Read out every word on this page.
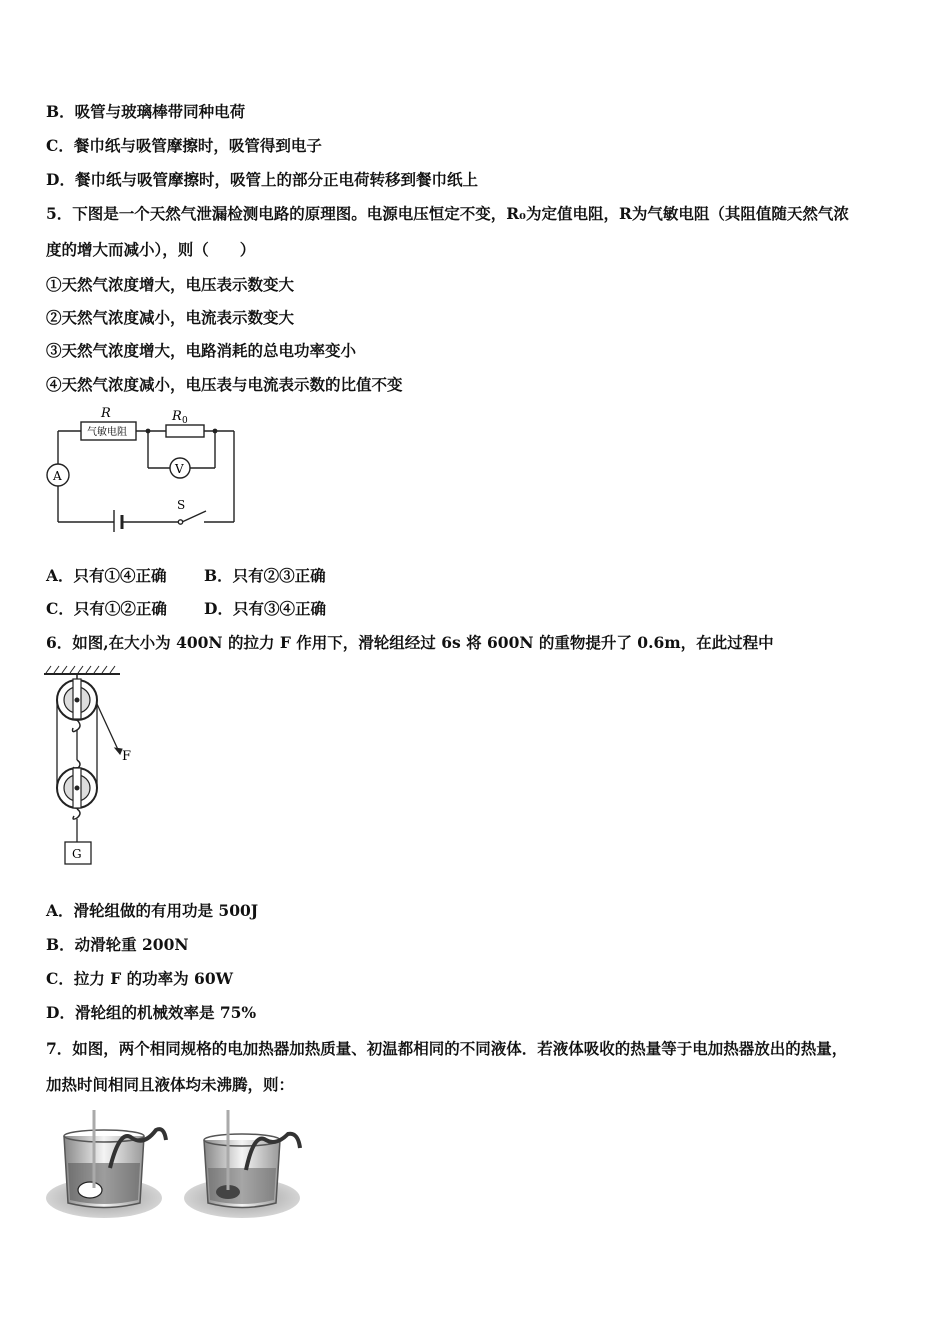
B．吸管与玻璃棒带同种电荷
C．餐巾纸与吸管摩擦时，吸管得到电子
D．餐巾纸与吸管摩擦时，吸管上的部分正电荷转移到餐巾纸上
5．下图是一个天然气泄漏检测电路的原理图。电源电压恒定不变，R₀为定值电阻，R为气敏电阻（其阻值随天然气浓
度的增大而减小），则（　　）
①天然气浓度增大，电压表示数变大
②天然气浓度减小，电流表示数变大
③天然气浓度增大，电路消耗的总电功率变小
④天然气浓度减小，电压表与电流表示数的比值不变
R
气敏电阻
R 0
A	V
S
A．只有①④正确 B．只有②③正确
C．只有①②正确 D．只有③④正确
6．如图,在大小为 400N 的拉力 F 作用下，滑轮组经过 6s 将 600N 的重物提升了 0.6m，在此过程中
F
G
A．滑轮组做的有用功是 500J
B．动滑轮重 200N
C．拉力 F 的功率为 60W
D．滑轮组的机械效率是 75%
7．如图，两个相同规格的电加热器加热质量、初温都相同的不同液体．若液体吸收的热量等于电加热器放出的热量，
加热时间相同且液体均未沸腾，则：
